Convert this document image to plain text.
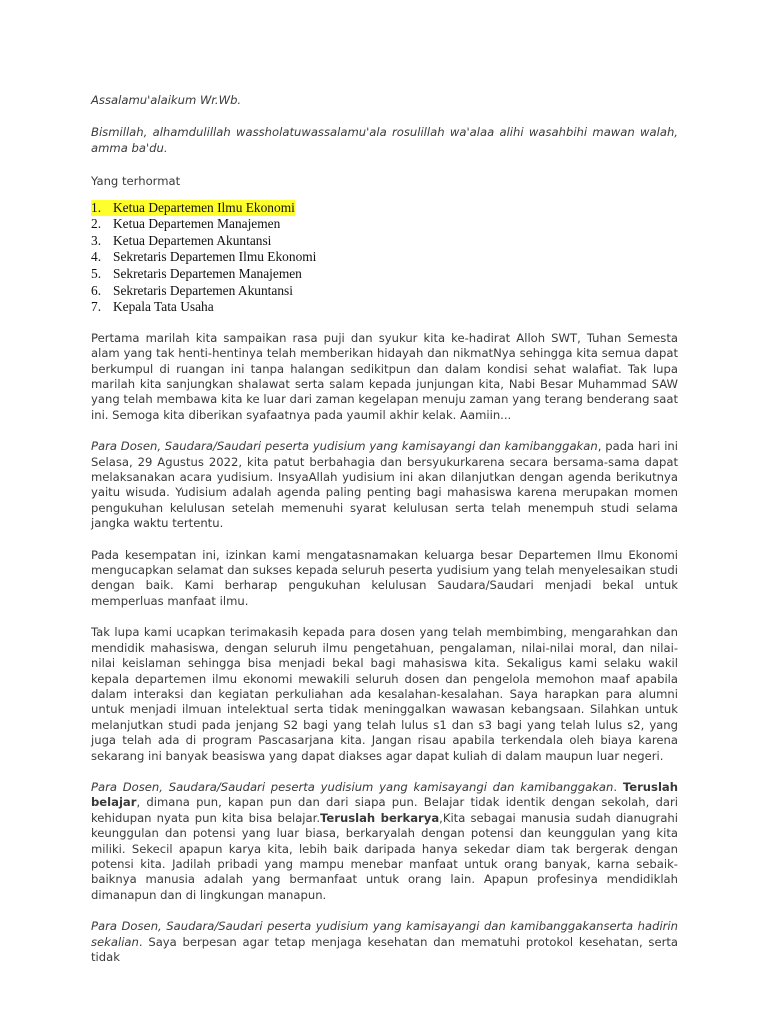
Assalamu'alaikum Wr.Wb.

Bismillah, alhamdulillah wassholatuwassalamu'ala rosulillah wa'alaa alihi wasahbihi mawan walah, amma ba'du.

Yang terhormat

1. Ketua Departemen Ilmu Ekonomi
2. Ketua Departemen Manajemen
3. Ketua Departemen Akuntansi
4. Sekretaris Departemen Ilmu Ekonomi
5. Sekretaris Departemen Manajemen
6. Sekretaris Departemen Akuntansi
7. Kepala Tata Usaha

Pertama marilah kita sampaikan rasa puji dan syukur kita ke-hadirat Alloh SWT, Tuhan Semesta alam yang tak henti-hentinya telah memberikan hidayah dan nikmatNya sehingga kita semua dapat berkumpul di ruangan ini tanpa halangan sedikitpun dan dalam kondisi sehat walafiat. Tak lupa marilah kita sanjungkan shalawat serta salam kepada junjungan kita, Nabi Besar Muhammad SAW yang telah membawa kita ke luar dari zaman kegelapan menuju zaman yang terang benderang saat ini. Semoga kita diberikan syafaatnya pada yaumil akhir kelak. Aamiin...

Para Dosen, Saudara/Saudari peserta yudisium yang kamisayangi dan kamibanggakan, pada hari ini Selasa, 29 Agustus 2022, kita patut berbahagia dan bersyukurkarena secara bersama-sama dapat melaksanakan acara yudisium. InsyaAllah yudisium ini akan dilanjutkan dengan agenda berikutnya yaitu wisuda. Yudisium adalah agenda paling penting bagi mahasiswa karena merupakan momen pengukuhan kelulusan setelah memenuhi syarat kelulusan serta telah menempuh studi selama jangka waktu tertentu.

Pada kesempatan ini, izinkan kami mengatasnamakan keluarga besar Departemen Ilmu Ekonomi mengucapkan selamat dan sukses kepada seluruh peserta yudisium yang telah menyelesaikan studi dengan baik. Kami berharap pengukuhan kelulusan Saudara/Saudari menjadi bekal untuk memperluas manfaat ilmu.

Tak lupa kami ucapkan terimakasih kepada para dosen yang telah membimbing, mengarahkan dan mendidik mahasiswa, dengan seluruh ilmu pengetahuan, pengalaman, nilai-nilai moral, dan nilai-nilai keislaman sehingga bisa menjadi bekal bagi mahasiswa kita. Sekaligus kami selaku wakil kepala departemen ilmu ekonomi mewakili seluruh dosen dan pengelola memohon maaf apabila dalam interaksi dan kegiatan perkuliahan ada kesalahan-kesalahan. Saya harapkan para alumni untuk menjadi ilmuan intelektual serta tidak meninggalkan wawasan kebangsaan. Silahkan untuk melanjutkan studi pada jenjang S2 bagi yang telah lulus s1 dan s3 bagi yang telah lulus s2, yang juga telah ada di program Pascasarjana kita. Jangan risau apabila terkendala oleh biaya karena sekarang ini banyak beasiswa yang dapat diakses agar dapat kuliah di dalam maupun luar negeri.

Para Dosen, Saudara/Saudari peserta yudisium yang kamisayangi dan kamibanggakan. Teruslah belajar, dimana pun, kapan pun dan dari siapa pun. Belajar tidak identik dengan sekolah, dari kehidupan nyata pun kita bisa belajar.Teruslah berkarya,Kita sebagai manusia sudah dianugrahi keunggulan dan potensi yang luar biasa, berkaryalah dengan potensi dan keunggulan yang kita miliki. Sekecil apapun karya kita, lebih baik daripada hanya sekedar diam tak bergerak dengan potensi kita. Jadilah pribadi yang mampu menebar manfaat untuk orang banyak, karna sebaik-baiknya manusia adalah yang bermanfaat untuk orang lain. Apapun profesinya mendidiklah dimanapun dan di lingkungan manapun.

Para Dosen, Saudara/Saudari peserta yudisium yang kamisayangi dan kamibanggakanserta hadirin sekalian. Saya berpesan agar tetap menjaga kesehatan dan mematuhi protokol kesehatan, serta tidak
